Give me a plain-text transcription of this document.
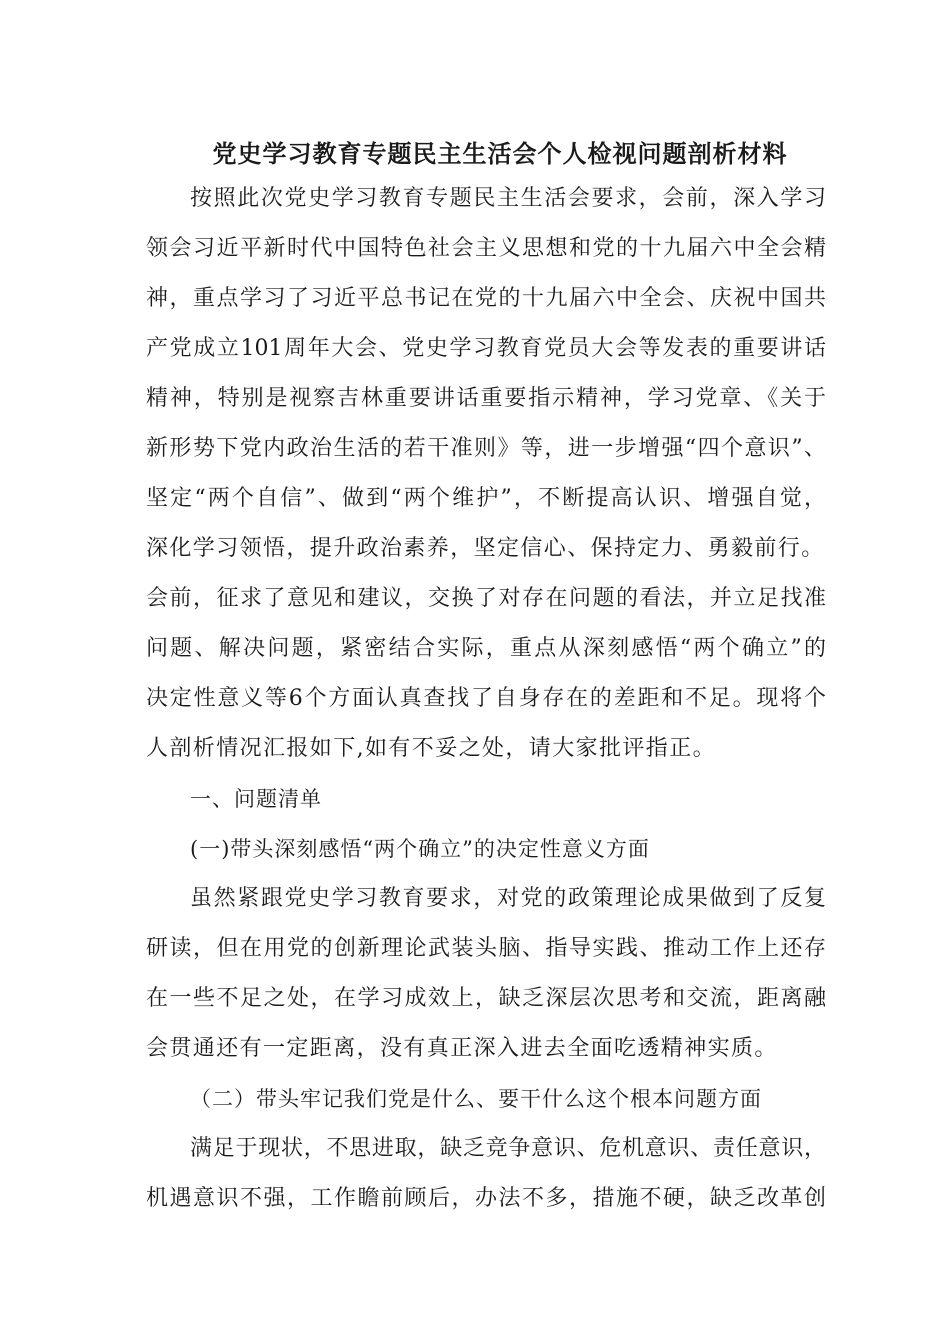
党史学习教育专题民主生活会个人检视问题剖析材料

按照此次党史学习教育专题民主生活会要求，会前，深入学习

领会习近平新时代中国特色社会主义思想和党的十九届六中全会精

神，重点学习了习近平总书记在党的十九届六中全会、庆祝中国共

产党成立101周年大会、党史学习教育党员大会等发表的重要讲话

精神，特别是视察吉林重要讲话重要指示精神，学习党章、《关于

新形势下党内政治生活的若干准则》等，进一步增强“四个意识”、

坚定“两个自信”、做到“两个维护”，不断提高认识、增强自觉，

深化学习领悟，提升政治素养，坚定信心、保持定力、勇毅前行。

会前，征求了意见和建议，交换了对存在问题的看法，并立足找准

问题、解决问题，紧密结合实际，重点从深刻感悟“两个确立”的

决定性意义等6个方面认真查找了自身存在的差距和不足。现将个

人剖析情况汇报如下,如有不妥之处，请大家批评指正。

一、问题清单

(一)带头深刻感悟“两个确立”的决定性意义方面

虽然紧跟党史学习教育要求，对党的政策理论成果做到了反复

研读，但在用党的创新理论武装头脑、指导实践、推动工作上还存

在一些不足之处，在学习成效上，缺乏深层次思考和交流，距离融

会贯通还有一定距离，没有真正深入进去全面吃透精神实质。

（二）带头牢记我们党是什么、要干什么这个根本问题方面

满足于现状，不思进取，缺乏竞争意识、危机意识、责任意识，

机遇意识不强，工作瞻前顾后，办法不多，措施不硬，缺乏改革创
